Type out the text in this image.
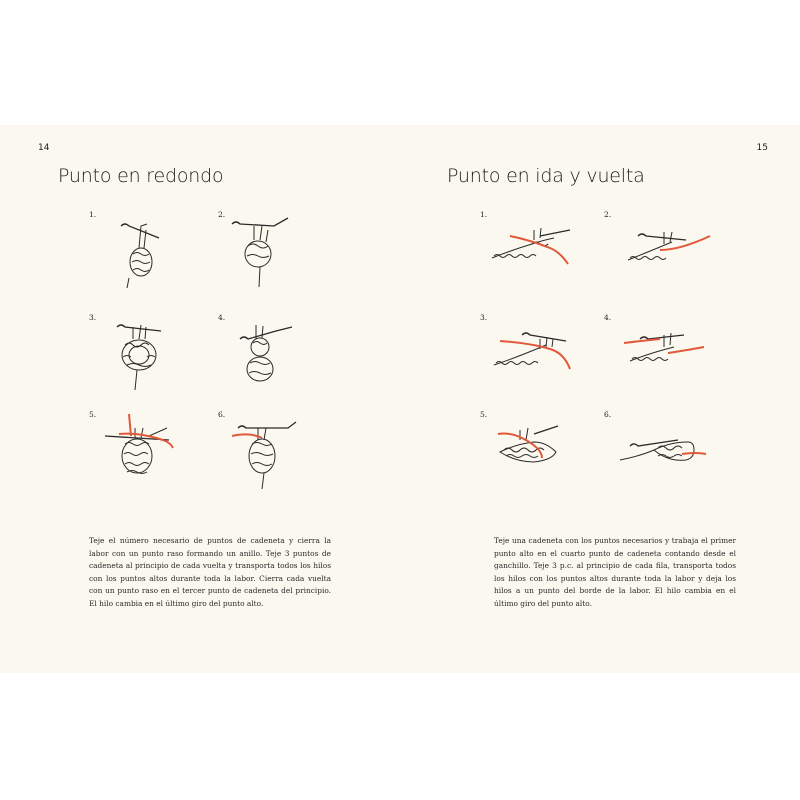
14
Punto en redondo
1.	2.
3.	4.
5.	6.
Teje el número necesario de puntos de cadeneta y cierra la labor con un punto raso formando un anillo. Teje 3 puntos de cadeneta al principio de cada vuelta y transporta todos los hilos con los puntos altos durante toda la labor. Cierra cada vuelta con un punto raso en el tercer punto de cadeneta del principio. El hilo cambia en el último giro del punto alto.
15
Punto en ida y vuelta
1.	2.
3.	4.
5.	6.
Teje una cadeneta con los puntos necesarios y trabaja el primer punto alto en el cuarto punto de cadeneta contando desde el ganchillo. Teje 3 p.c. al principio de cada fila, transporta todos los hilos con los puntos altos durante toda la labor y deja los hilos a un punto del borde de la labor. El hilo cambia en el último giro del punto alto.
